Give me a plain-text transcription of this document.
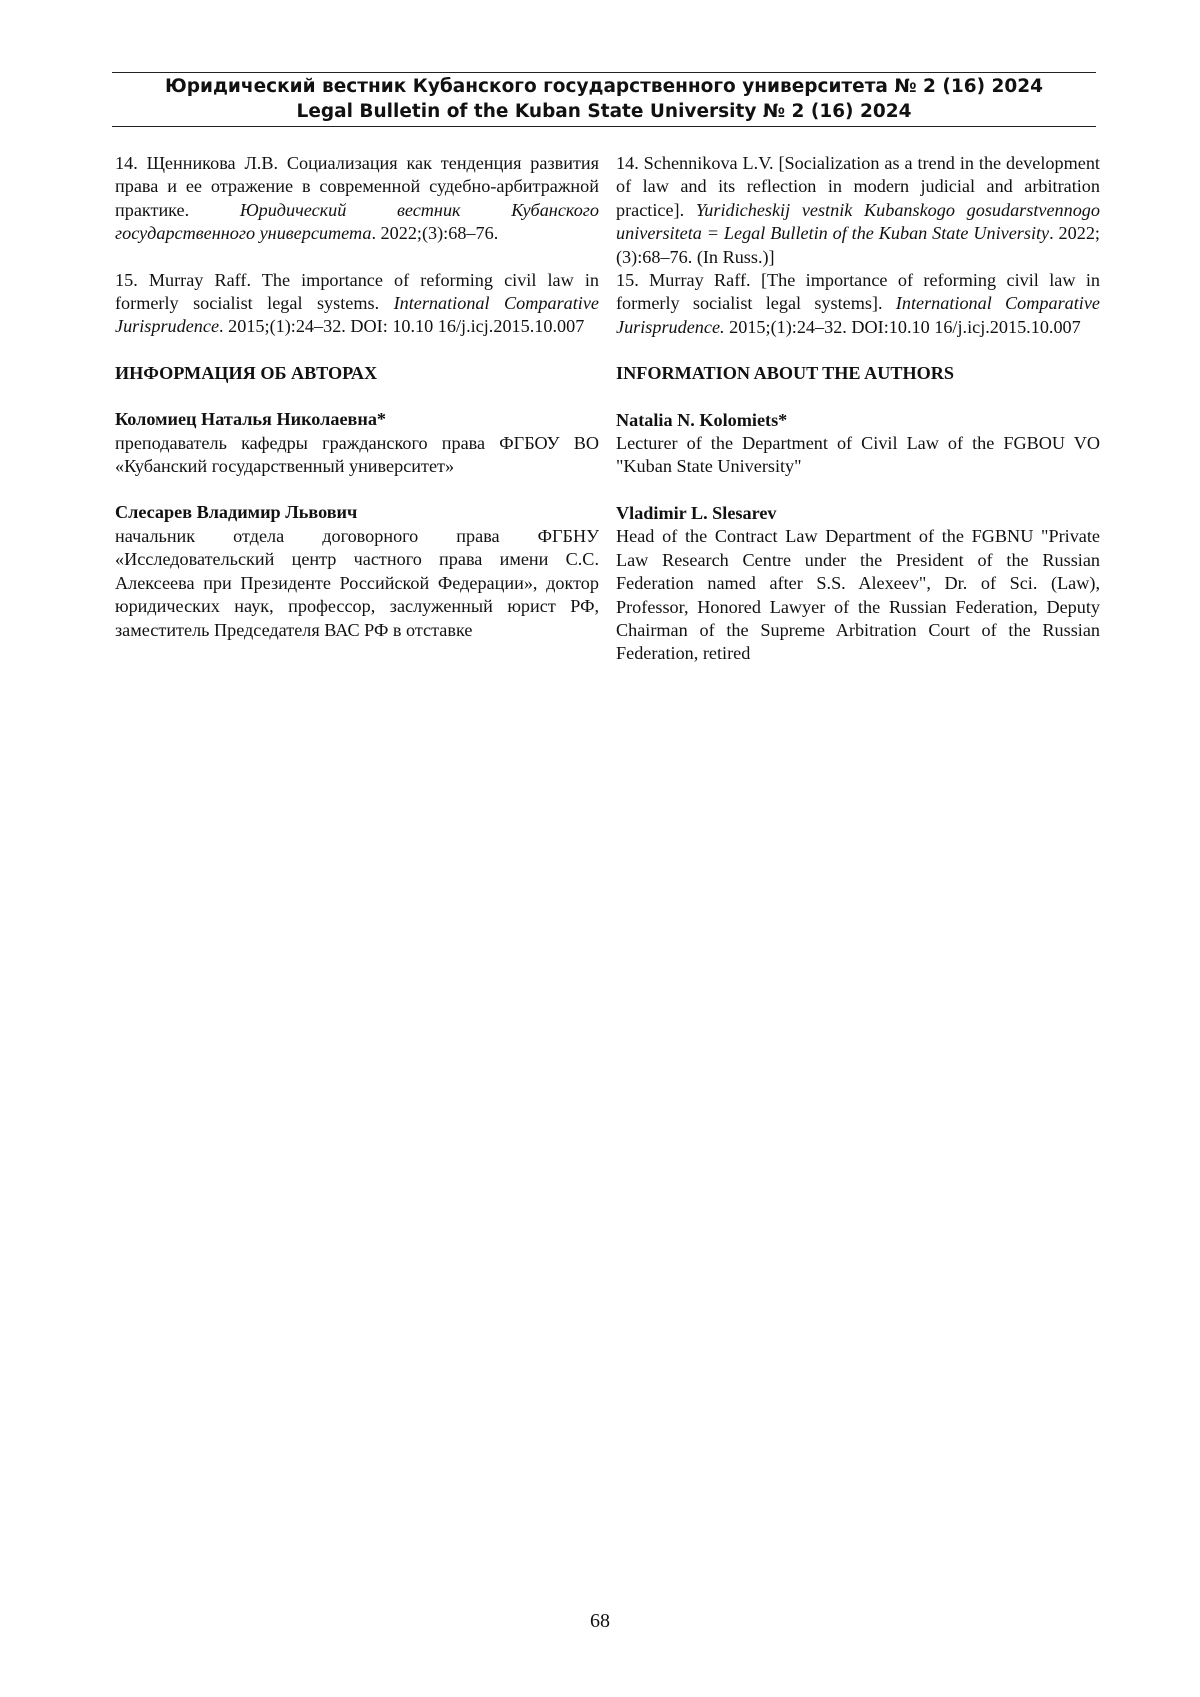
Юридический вестник Кубанского государственного университета № 2 (16) 2024
Legal Bulletin of the Kuban State University № 2 (16) 2024

14. Щенникова Л.В. Социализация как тенденция развития права и ее отражение в современной судебно-арбитражной практике. Юридический вестник Кубанского государственного университета. 2022;(3):68–76.

15. Murray Raff. The importance of reforming civil law in formerly socialist legal systems. International Comparative Jurisprudence. 2015;(1):24–32. DOI: 10.10 16/j.icj.2015.10.007

ИНФОРМАЦИЯ ОБ АВТОРАХ

Коломиец Наталья Николаевна*

преподаватель кафедры гражданского права ФГБОУ ВО «Кубанский государственный университет»

Слесарев Владимир Львович

начальник отдела договорного права ФГБНУ «Исследовательский центр частного права имени С.С. Алексеева при Президенте Российской Федерации», доктор юридических наук, профессор, заслуженный юрист РФ, заместитель Председателя ВАС РФ в отставке

14. Schennikova L.V. [Socialization as a trend in the development of law and its reflection in modern judicial and arbitration practice]. Yuridicheskij vestnik Kubanskogo gosudarstvennogo universiteta = Legal Bulletin of the Kuban State University. 2022;(3):68–76. (In Russ.)]

15. Murray Raff. [The importance of reforming civil law in formerly socialist legal systems]. International Comparative Jurisprudence. 2015;(1):24–32. DOI:10.10 16/j.icj.2015.10.007

INFORMATION ABOUT THE AUTHORS

Natalia N. Kolomiets*

Lecturer of the Department of Civil Law of the FGBOU VO "Kuban State University"

Vladimir L. Slesarev

Head of the Contract Law Department of the FGBNU "Private Law Research Centre under the President of the Russian Federation named after S.S. Alexeev", Dr. of Sci. (Law), Professor, Honored Lawyer of the Russian Federation, Deputy Chairman of the Supreme Arbitration Court of the Russian Federation, retired

68
